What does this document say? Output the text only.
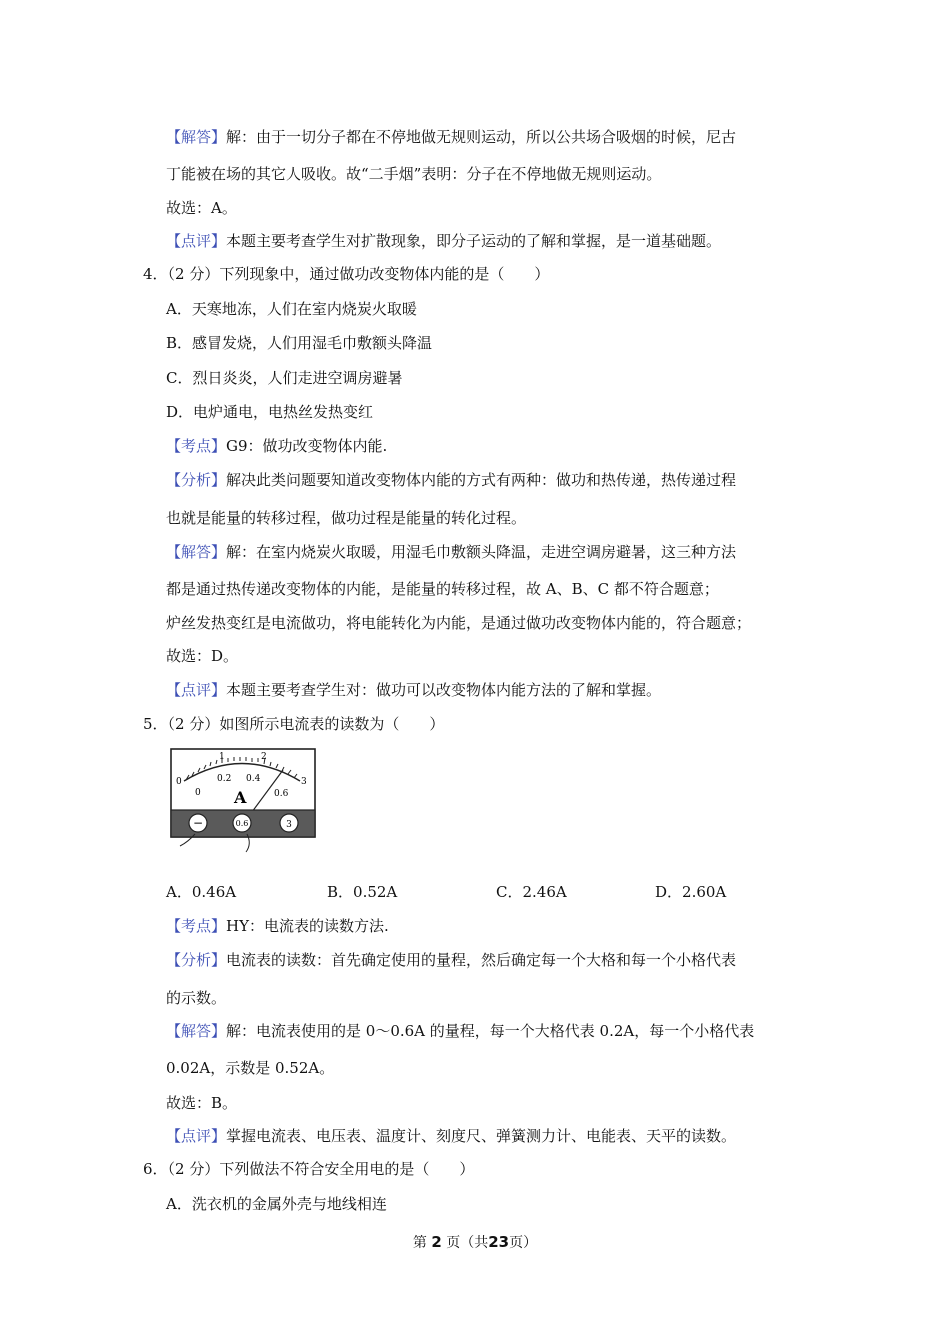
【解答】解：由于一切分子都在不停地做无规则运动，所以公共场合吸烟的时候，尼古
丁能被在场的其它人吸收。故“二手烟”表明：分子在不停地做无规则运动。
故选：A。
【点评】本题主要考查学生对扩散现象，即分子运动的了解和掌握，是一道基础题。
4．（2 分）下列现象中，通过做功改变物体内能的是（　　）
A．天寒地冻，人们在室内烧炭火取暖
B．感冒发烧，人们用湿毛巾敷额头降温
C．烈日炎炎，人们走进空调房避暑
D．电炉通电，电热丝发热变红
【考点】G9：做功改变物体内能.
【分析】解决此类问题要知道改变物体内能的方式有两种：做功和热传递，热传递过程
也就是能量的转移过程，做功过程是能量的转化过程。
【解答】解：在室内烧炭火取暖，用湿毛巾敷额头降温，走进空调房避暑，这三种方法
都是通过热传递改变物体的内能，是能量的转移过程，故 A、B、C 都不符合题意；
炉丝发热变红是电流做功，将电能转化为内能，是通过做功改变物体内能的，符合题意；
故选：D。
【点评】本题主要考查学生对：做功可以改变物体内能方法的了解和掌握。
5．（2 分）如图所示电流表的读数为（　　）
1	2
0	3
0.2 0.4
0.6
0 A
−	0.6	3
A．0.46A	B．0.52A	C．2.46A	D．2.60A
【考点】HY：电流表的读数方法.
【分析】电流表的读数：首先确定使用的量程，然后确定每一个大格和每一个小格代表
的示数。
【解答】解：电流表使用的是 0～0.6A 的量程，每一个大格代表 0.2A，每一个小格代表
0.02A，示数是 0.52A。
故选：B。
【点评】掌握电流表、电压表、温度计、刻度尺、弹簧测力计、电能表、天平的读数。
6．（2 分）下列做法不符合安全用电的是（　　）
A．洗衣机的金属外壳与地线相连
第 2 页（共23页）
